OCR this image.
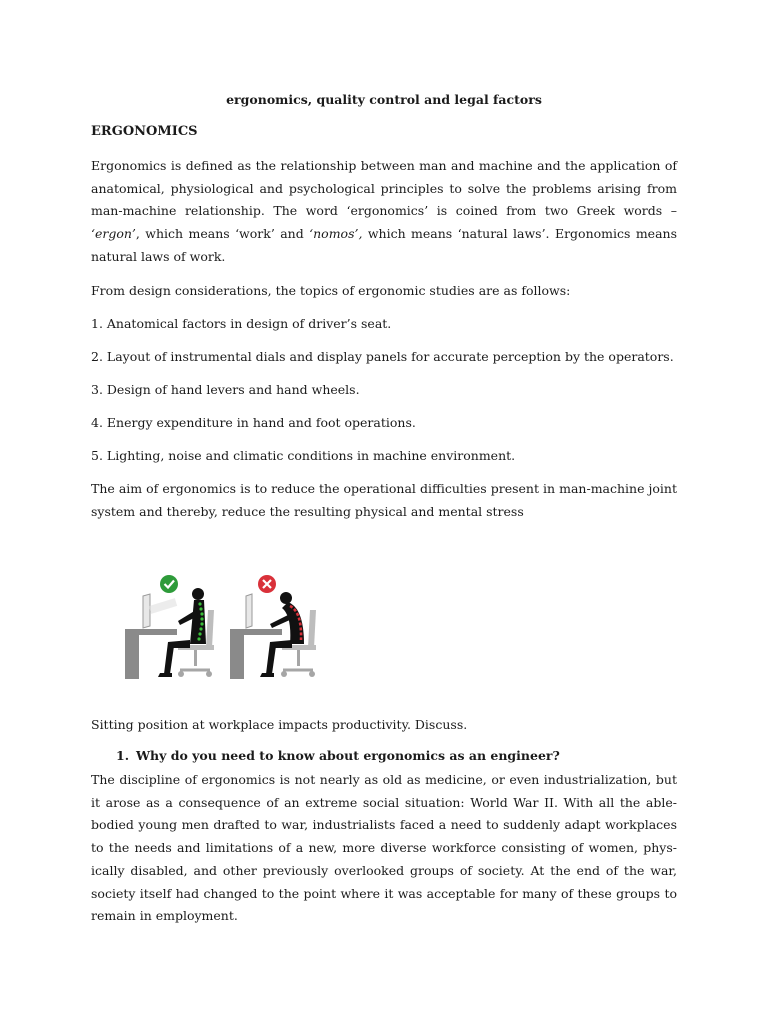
ergonomics, quality control and legal factors
ERGONOMICS

Ergonomics is defined as the relationship between man and machine and the application of anatomical, physiological and psychological principles to solve the problems arising from man-machine relationship. The word ‘ergonomics’ is coined from two Greek words – ‘ergon’, which means ‘work’ and ‘nomos’, which means ‘natural laws’. Ergonomics means natural laws of work.

From design considerations, the topics of ergonomic studies are as follows:

1. Anatomical factors in design of driver’s seat.

2. Layout of instrumental dials and display panels for accurate perception by the operators.

3. Design of hand levers and hand wheels.

4. Energy expenditure in hand and foot operations.

5. Lighting, noise and climatic conditions in machine environment.

The aim of ergonomics is to reduce the operational difficulties present in man-machine joint system and thereby, reduce the resulting physical and mental stress

Sitting position at workplace impacts productivity. Discuss.

1. Why do you need to know about ergonomics as an engineer?

The discipline of ergonomics is not nearly as old as medicine, or even industrialization, but it arose as a consequence of an extreme social situation: World War II. With all the able- bodied young men drafted to war, industrialists faced a need to suddenly adapt workplaces to the needs and limitations of a new, more diverse workforce consisting of women, phys-ically disabled, and other previously overlooked groups of society. At the end of the war, society itself had changed to the point where it was acceptable for many of these groups to remain in employment.
